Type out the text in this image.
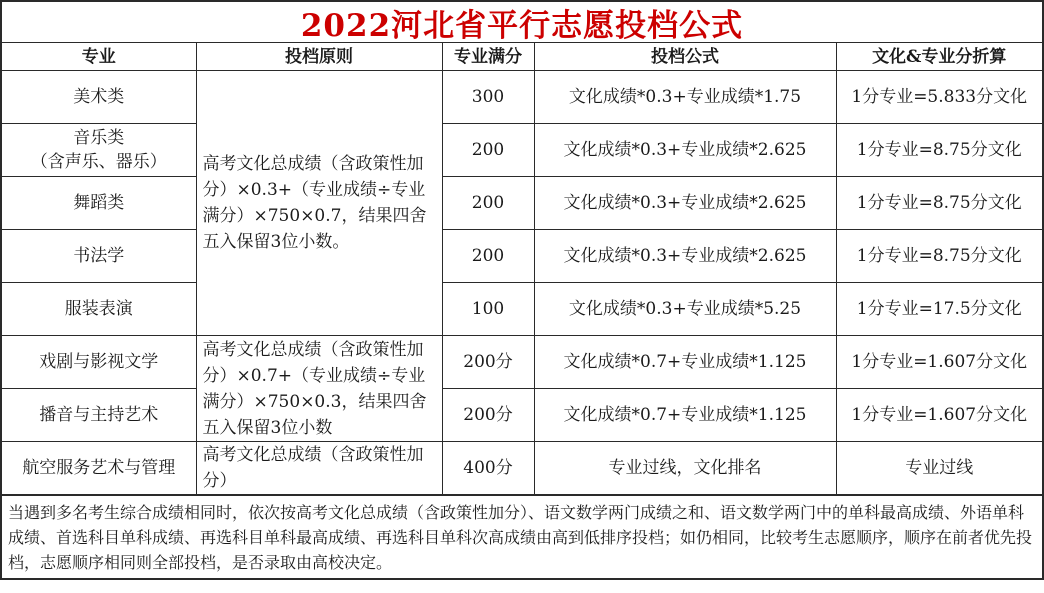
2022河北省平行志愿投档公式
专业	投档原则	专业满分	投档公式	文化&专业分折算
美术类	高考文化总成绩（含政策性加分）×0.3+（专业成绩÷专业满分）×750×0.7，结果四舍五入保留3位小数。	300	文化成绩*0.3+专业成绩*1.75	1分专业=5.833分文化

音乐类
（含声乐、器乐）		200	文化成绩*0.3+专业成绩*2.625	1分专业=8.75分文化
舞蹈类		200	文化成绩*0.3+专业成绩*2.625	1分专业=8.75分文化
书法学		200	文化成绩*0.3+专业成绩*2.625	1分专业=8.75分文化
服装表演		100	文化成绩*0.3+专业成绩*5.25	1分专业=17.5分文化
戏剧与影视文学	高考文化总成绩（含政策性加分）×0.7+（专业成绩÷专业满分）×750×0.3，结果四舍五入保留3位小数	200分	文化成绩*0.7+专业成绩*1.125	1分专业=1.607分文化
播音与主持艺术		200分	文化成绩*0.7+专业成绩*1.125	1分专业=1.607分文化
航空服务艺术与管理	高考文化总成绩（含政策性加分）	400分	专业过线，文化排名	专业过线
当遇到多名考生综合成绩相同时，依次按高考文化总成绩（含政策性加分）、语文数学两门成绩之和、语文数学两门中的单科最高成绩、外语单科成绩、首选科目单科成绩、再选科目单科最高成绩、再选科目单科次高成绩由高到低排序投档；如仍相同，比较考生志愿顺序，顺序在前者优先投档，志愿顺序相同则全部投档，是否录取由高校决定。
